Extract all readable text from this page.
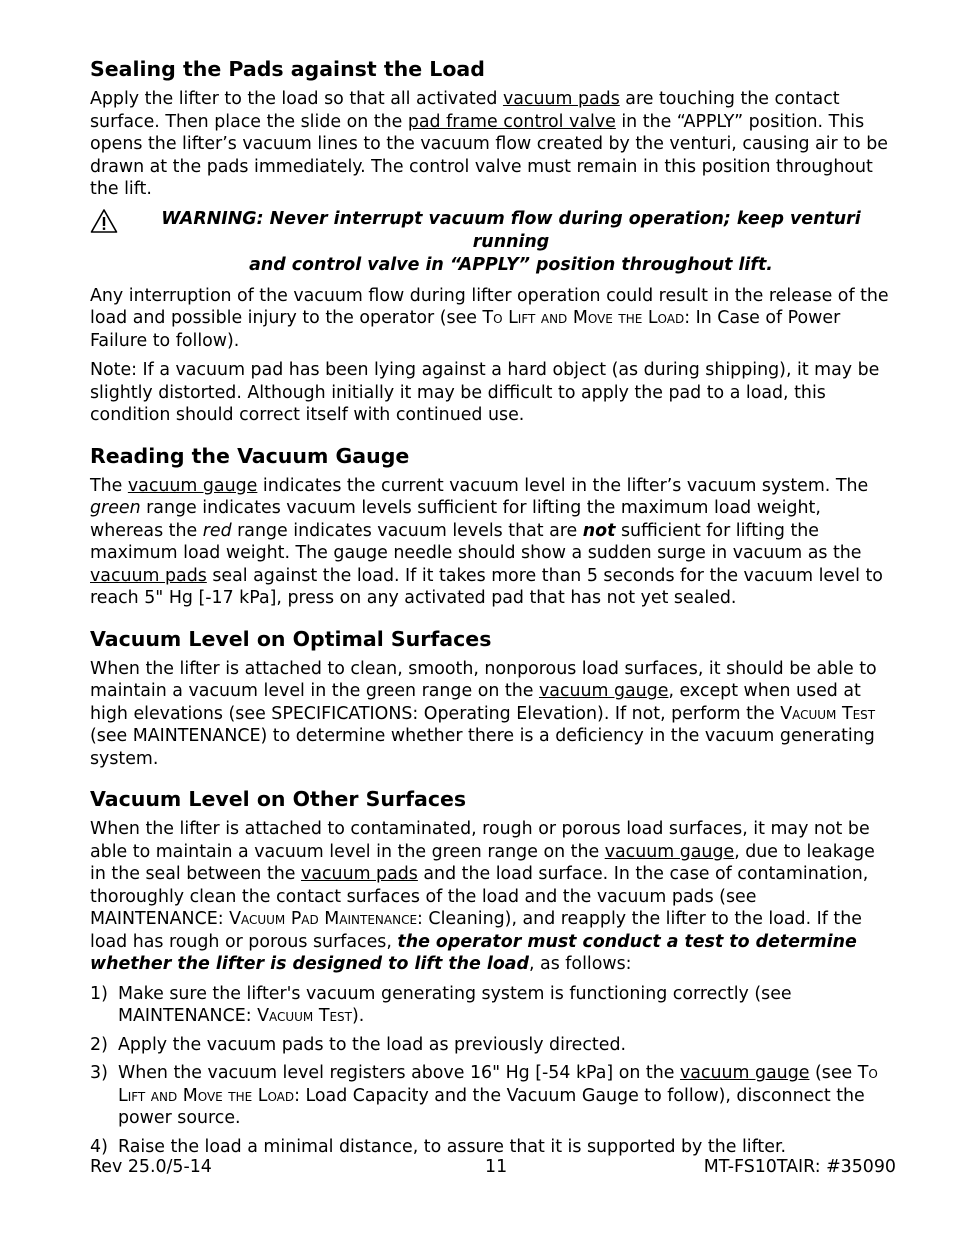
Sealing the Pads against the Load

Apply the lifter to the load so that all activated vacuum pads are touching the contact surface. Then place the slide on the pad frame control valve in the “APPLY” position. This opens the lifter’s vacuum lines to the vacuum flow created by the venturi, causing air to be drawn at the pads immediately. The control valve must remain in this position throughout the lift.

WARNING: Never interrupt vacuum flow during operation; keep venturi running
and control valve in “APPLY” position throughout lift.

Any interruption of the vacuum flow during lifter operation could result in the release of the load and possible injury to the operator (see To Lift and Move the Load: In Case of Power Failure to follow).

Note: If a vacuum pad has been lying against a hard object (as during shipping), it may be slightly distorted. Although initially it may be difficult to apply the pad to a load, this condition should correct itself with continued use.

Reading the Vacuum Gauge

The vacuum gauge indicates the current vacuum level in the lifter’s vacuum system. The green range indicates vacuum levels sufficient for lifting the maximum load weight, whereas the red range indicates vacuum levels that are not sufficient for lifting the maximum load weight. The gauge needle should show a sudden surge in vacuum as the vacuum pads seal against the load. If it takes more than 5 seconds for the vacuum level to reach 5" Hg [-17 kPa], press on any activated pad that has not yet sealed.

Vacuum Level on Optimal Surfaces

When the lifter is attached to clean, smooth, nonporous load surfaces, it should be able to maintain a vacuum level in the green range on the vacuum gauge, except when used at high elevations (see SPECIFICATIONS: Operating Elevation). If not, perform the Vacuum Test (see MAINTENANCE) to determine whether there is a deficiency in the vacuum generating system.

Vacuum Level on Other Surfaces

When the lifter is attached to contaminated, rough or porous load surfaces, it may not be able to maintain a vacuum level in the green range on the vacuum gauge, due to leakage in the seal between the vacuum pads and the load surface. In the case of contamination, thoroughly clean the contact surfaces of the load and the vacuum pads (see MAINTENANCE: Vacuum Pad Maintenance: Cleaning), and reapply the lifter to the load. If the load has rough or porous surfaces, the operator must conduct a test to determine whether the lifter is designed to lift the load, as follows:

1) Make sure the lifter's vacuum generating system is functioning correctly (see MAINTENANCE: Vacuum Test).
2) Apply the vacuum pads to the load as previously directed.
3) When the vacuum level registers above 16" Hg [-54 kPa] on the vacuum gauge (see To Lift and Move the Load: Load Capacity and the Vacuum Gauge to follow), disconnect the power source.
4) Raise the load a minimal distance, to assure that it is supported by the lifter.
Rev 25.0/5-14	11	MT-FS10TAIR: #35090
